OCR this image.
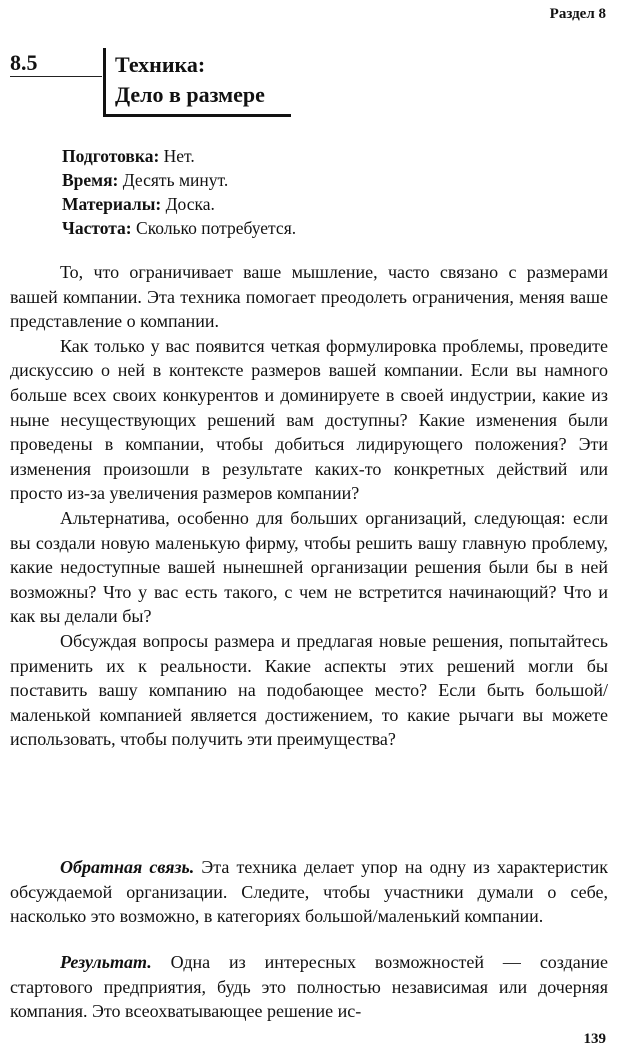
Раздел 8
8.5	Техника:
Дело в размере
Подготовка: Нет.
Время: Десять минут.
Материалы: Доска.
Частота: Сколько потребуется.

То, что ограничивает ваше мышление, часто связано с размерами вашей компании. Эта техника помогает преодолеть ограничения, меняя ваше представление о компании.

Как только у вас появится четкая формулировка проблемы, проведите дискуссию о ней в контексте размеров вашей компании. Если вы намного больше всех своих конкурентов и доминируете в своей индустрии, какие из ныне несуществующих решений вам доступны? Какие изменения были проведены в компании, чтобы добиться лидирующего положения? Эти изменения произошли в результате каких-то конкретных действий или просто из-за увеличения размеров компании?

Альтернатива, особенно для больших организаций, следующая: если вы создали новую маленькую фирму, чтобы решить вашу главную проблему, какие недоступные вашей нынешней организации решения были бы в ней возможны? Что у вас есть такого, с чем не встретится начинающий? Что и как вы делали бы?

Обсуждая вопросы размера и предлагая новые решения, попытайтесь применить их к реальности. Какие аспекты этих решений могли бы поставить вашу компанию на подобающее место? Если быть большой/маленькой компанией является достижением, то какие рычаги вы можете использовать, чтобы получить эти преимущества?

Обратная связь. Эта техника делает упор на одну из характеристик обсуждаемой организации. Следите, чтобы участники думали о себе, насколько это возможно, в категориях большой/маленький компании.

Результат. Одна из интересных возможностей — создание стартового предприятия, будь это полностью независимая или дочерняя компания. Это всеохватывающее решение ис-

139
